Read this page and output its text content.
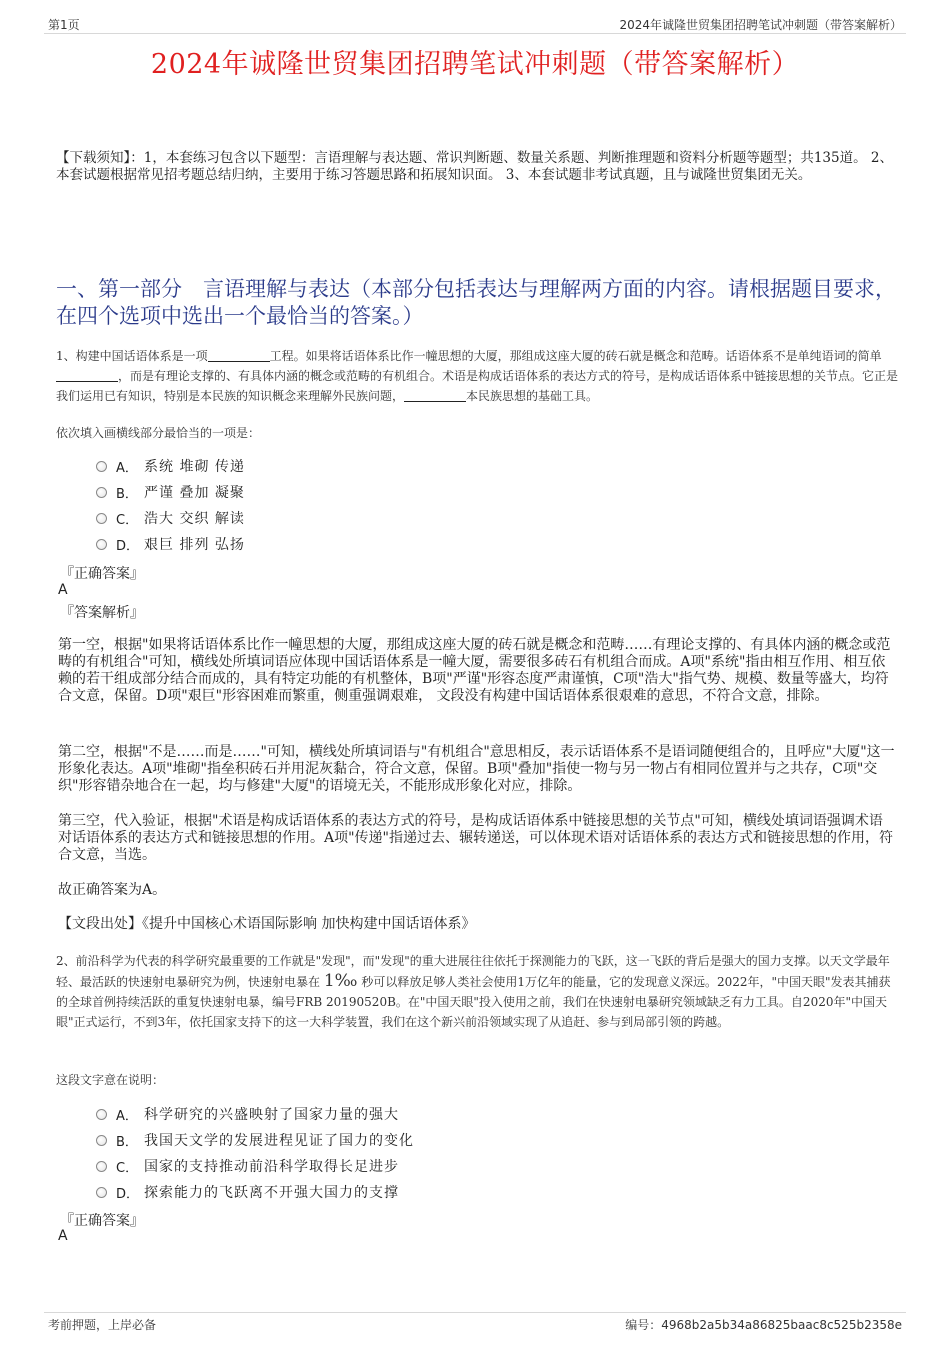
第1页	2024年诚隆世贸集团招聘笔试冲刺题（带答案解析）
2024年诚隆世贸集团招聘笔试冲刺题（带答案解析）
【下载须知】：1，本套练习包含以下题型：言语理解与表达题、常识判断题、数量关系题、判断推理题和资料分析题等题型；共135道。 2、本套试题根据常见招考题总结归纳，主要用于练习答题思路和拓展知识面。 3、本套试题非考试真题，且与诚隆世贸集团无关。
一、第一部分　言语理解与表达（本部分包括表达与理解两方面的内容。请根据题目要求，在四个选项中选出一个最恰当的答案。）
1、构建中国话语体系是一项	工程。如果将话语体系比作一幢思想的大厦，那组成这座大厦的砖石就是概念和范畴。话语体系不是单纯语词的简单，而是有理论支撑的、有具体内涵的概念或范畴的有机组合。术语是构成话语体系的表达方式的符号，是构成话语体系中链接思想的关节点。它正是我们运用已有知识，特别是本民族的知识概念来理解外民族问题，	本民族思想的基础工具。
依次填入画横线部分最恰当的一项是：
A． 系统 堆砌 传递
B． 严谨 叠加 凝聚
C． 浩大 交织 解读
D． 艰巨 排列 弘扬
『正确答案』
A
『答案解析』
第一空，根据"如果将话语体系比作一幢思想的大厦，那组成这座大厦的砖石就是概念和范畴……有理论支撑的、有具体内涵的概念或范畴的有机组合"可知，横线处所填词语应体现中国话语体系是一幢大厦，需要很多砖石有机组合而成。A项"系统"指由相互作用、相互依赖的若干组成部分结合而成的，具有特定功能的有机整体，B项"严谨"形容态度严肃谨慎，C项"浩大"指气势、规模、数量等盛大，均符合文意，保留。D项"艰巨"形容困难而繁重，侧重强调艰难， 文段没有构建中国话语体系很艰难的意思，不符合文意，排除。
第二空，根据"不是……而是……"可知，横线处所填词语与"有机组合"意思相反，表示话语体系不是语词随便组合的，且呼应"大厦"这一形象化表达。A项"堆砌"指垒积砖石并用泥灰黏合，符合文意，保留。B项"叠加"指使一物与另一物占有相同位置并与之共存，C项"交织"形容错杂地合在一起，均与修建"大厦"的语境无关，不能形成形象化对应，排除。
第三空，代入验证，根据"术语是构成话语体系的表达方式的符号，是构成话语体系中链接思想的关节点"可知，横线处填词语强调术语对话语体系的表达方式和链接思想的作用。A项"传递"指递过去、辗转递送，可以体现术语对话语体系的表达方式和链接思想的作用，符合文意，当选。
故正确答案为A。
【文段出处】《提升中国核心术语国际影响 加快构建中国话语体系》
2、前沿科学为代表的科学研究最重要的工作就是"发现"，而"发现"的重大进展往往依托于探测能力的飞跃，这一飞跃的背后是强大的国力支撑。以天文学最年轻、最活跃的快速射电暴研究为例，快速射电暴在 1‰ 秒可以释放足够人类社会使用1万亿年的能量，它的发现意义深远。2022年，"中国天眼"发表其捕获的全球首例持续活跃的重复快速射电暴，编号FRB 20190520B。在"中国天眼"投入使用之前，我们在快速射电暴研究领域缺乏有力工具。自2020年"中国天眼"正式运行，不到3年，依托国家支持下的这一大科学装置，我们在这个新兴前沿领域实现了从追赶、参与到局部引领的跨越。
这段文字意在说明：
A． 科学研究的兴盛映射了国家力量的强大
B． 我国天文学的发展进程见证了国力的变化
C． 国家的支持推动前沿科学取得长足进步
D． 探索能力的飞跃离不开强大国力的支撑
『正确答案』
A
考前押题，上岸必备	编号：4968b2a5b34a86825baac8c525b2358e
